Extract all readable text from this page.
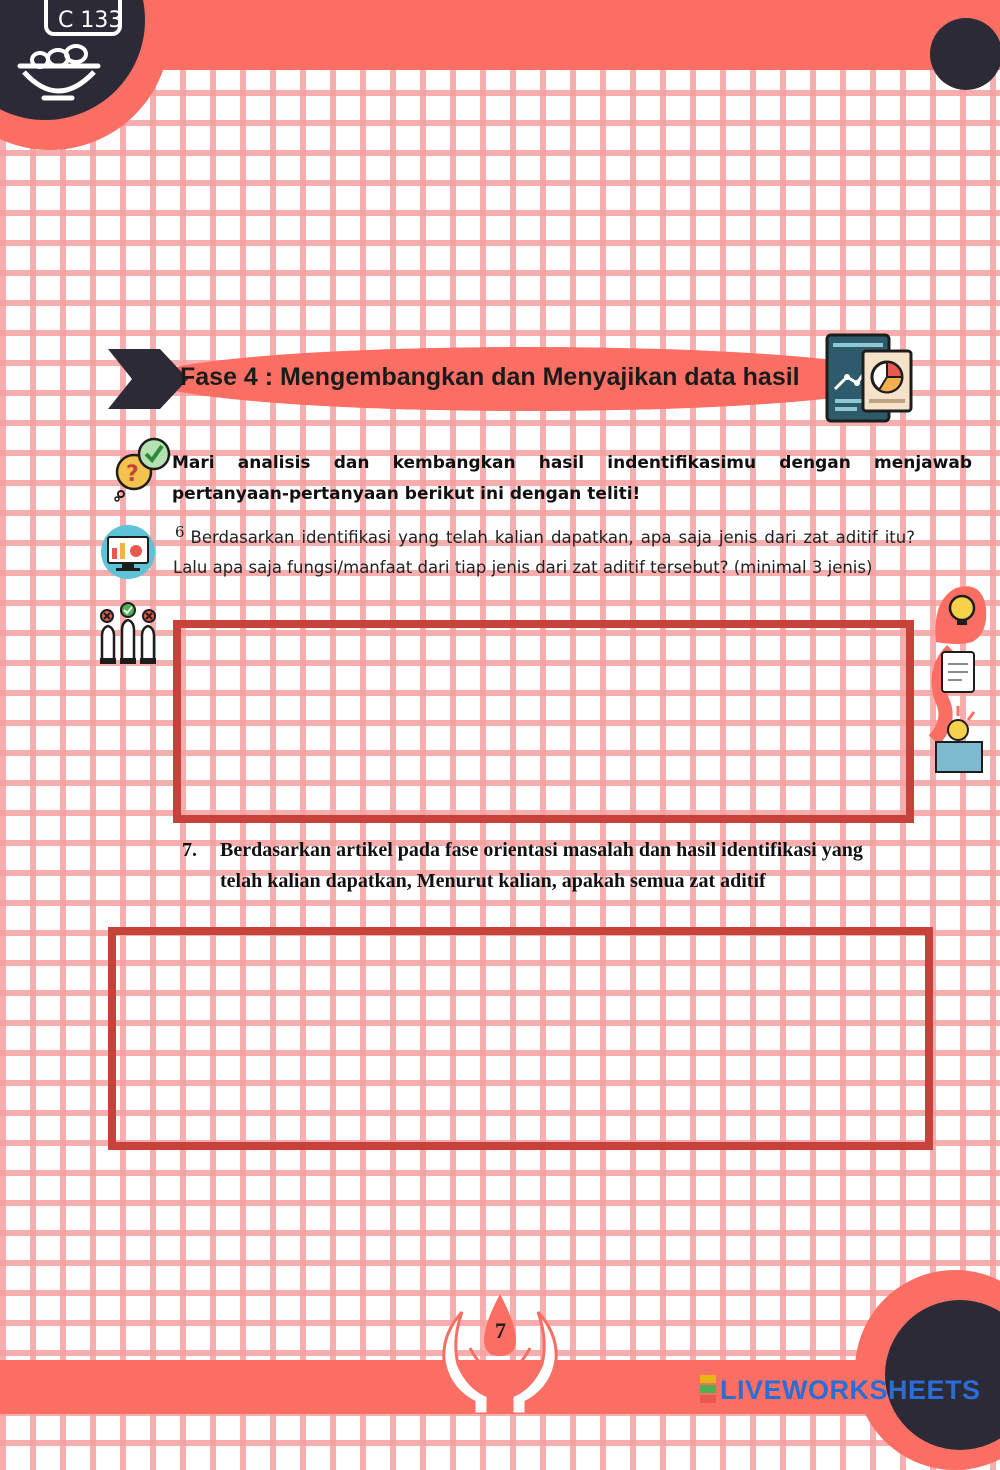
C 133
Fase 4 : Mengembangkan dan Menyajikan data hasil
? Mari analisis dan kembangkan hasil indentifikasimu dengan menjawab pertanyaan-pertanyaan berikut ini dengan teliti!
6 Berdasarkan identifikasi yang telah kalian dapatkan, apa saja jenis dari zat aditif itu? Lalu apa saja fungsi/manfaat dari tiap jenis dari zat aditif tersebut? (minimal 3 jenis)
7. Berdasarkan artikel pada fase orientasi masalah dan hasil identifikasi yang telah kalian dapatkan, Menurut kalian, apakah semua zat aditif
7
LIVEWORKSHEETS
